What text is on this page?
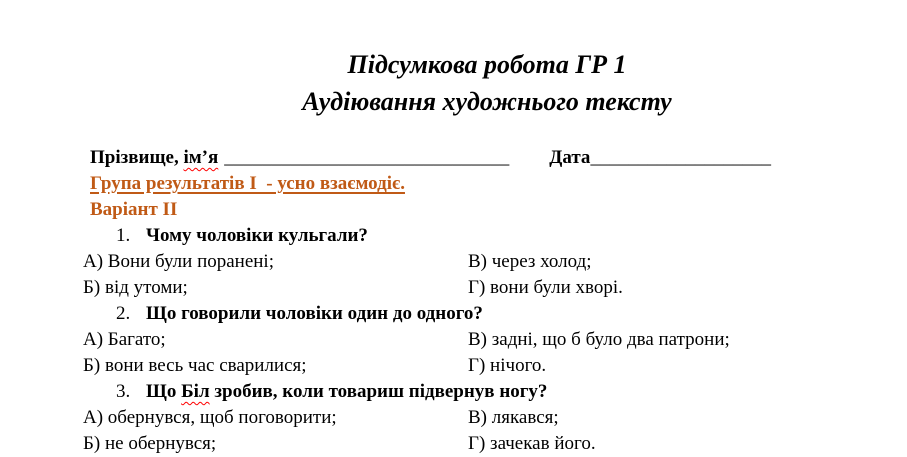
Підсумкова робота ГР 1
Аудіювання художнього тексту
Прізвище, ім’я ______________________________ Дата___________________
Група результатів І  - усно взаємодіє.
Варіант ІІ
1. Чому чоловіки кульгали?
А) Вони були поранені;	В) через холод;
Б) від утоми;	Г) вони були хворі.
2. Що говорили чоловіки один до одного?
А) Багато;	В) задні, що б було два патрони;
Б) вони весь час сварилися;	Г) нічого.
3. Що Біл зробив, коли товариш підвернув ногу?
А) обернувся, щоб поговорити;	В) лякався;
Б) не обернувся;	Г) зачекав його.
